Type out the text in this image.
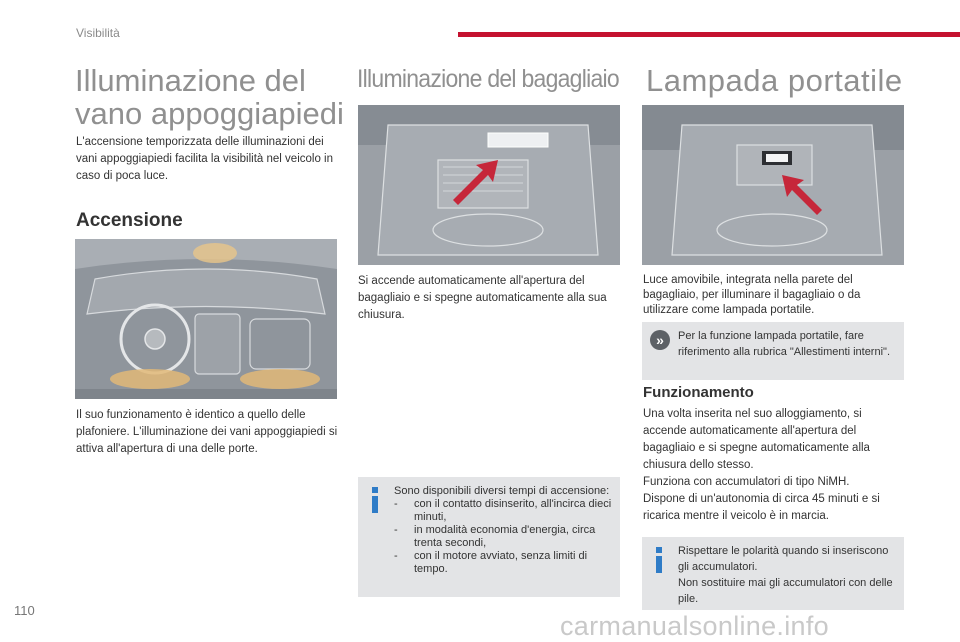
Visibilità
Illuminazione del vano appoggiapiedi

L'accensione temporizzata delle illuminazioni dei vani appoggiapiedi facilita la visibilità nel veicolo in caso di poca luce.

Accensione

Il suo funzionamento è identico a quello delle plafoniere. L'illuminazione dei vani appoggiapiedi si attiva all'apertura di una delle porte.

Illuminazione del bagagliaio

Si accende automaticamente all'apertura del bagagliaio e si spegne automaticamente alla sua chiusura.

Sono disponibili diversi tempi di accensione:
- con il contatto disinserito, all'incirca dieci minuti,
- in modalità economia d'energia, circa trenta secondi,
- con il motore avviato, senza limiti di tempo.
Lampada portatile

Luce amovibile, integrata nella parete del bagagliaio, per illuminare il bagagliaio o da utilizzare come lampada portatile.

»	Per la funzione lampada portatile, fare riferimento alla rubrica "Allestimenti interni".
Funzionamento
Una volta inserita nel suo alloggiamento, si accende automaticamente all'apertura del bagagliaio e si spegne automaticamente alla chiusura dello stesso.
Funziona con accumulatori di tipo NiMH.
Dispone di un'autonomia di circa 45 minuti e si ricarica mentre il veicolo è in marcia.
Rispettare le polarità quando si inseriscono gli accumulatori.
Non sostituire mai gli accumulatori con delle pile.
110
carmanualsonline.info
